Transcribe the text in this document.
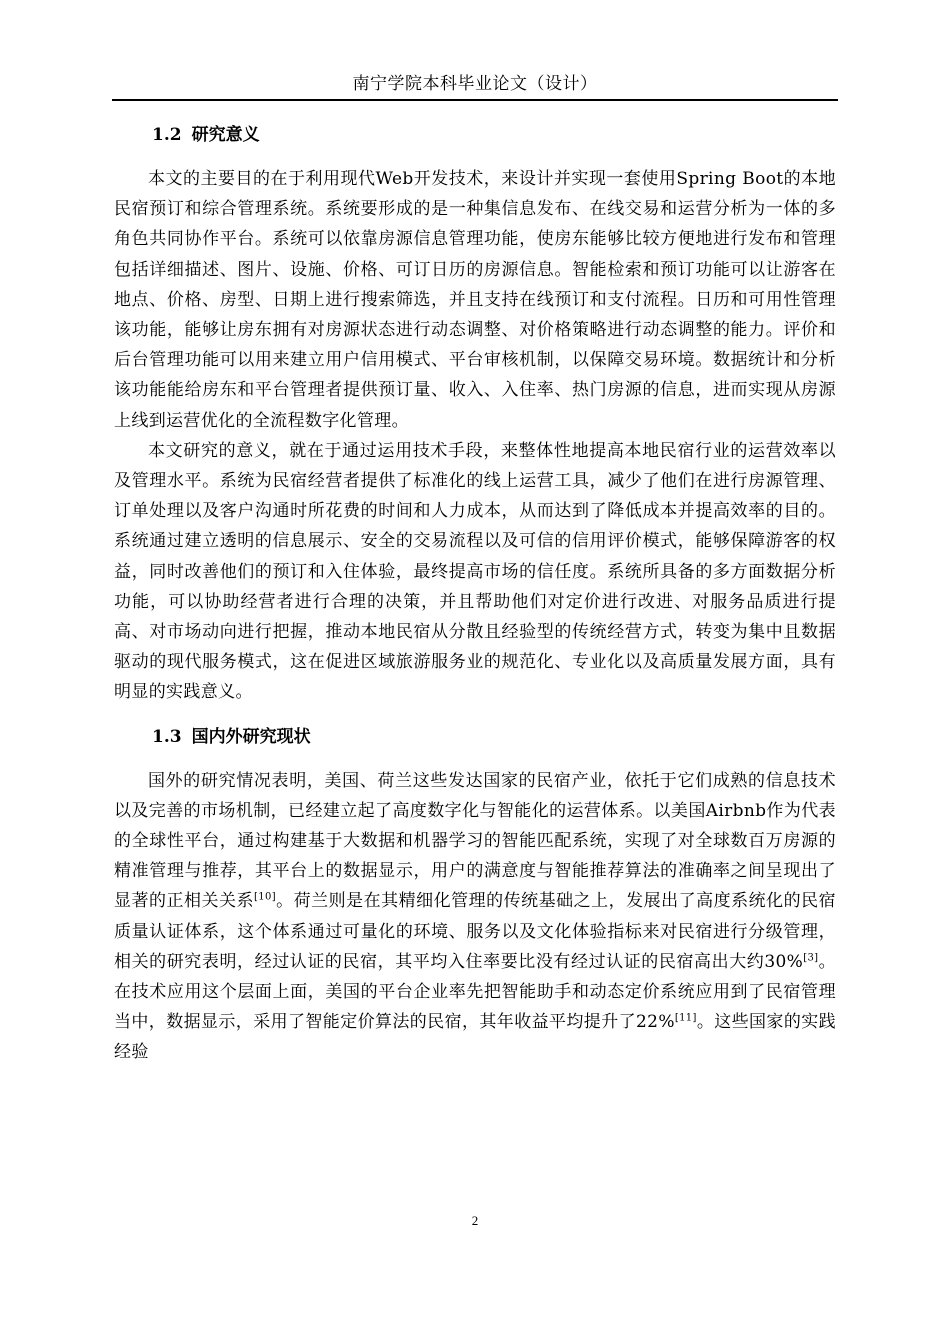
南宁学院本科毕业论文（设计）
1.2 研究意义

本文的主要目的在于利用现代Web开发技术，来设计并实现一套使用Spring Boot的本地民宿预订和综合管理系统。系统要形成的是一种集信息发布、在线交易和运营分析为一体的多角色共同协作平台。系统可以依靠房源信息管理功能，使房东能够比较方便地进行发布和管理包括详细描述、图片、设施、价格、可订日历的房源信息。智能检索和预订功能可以让游客在地点、价格、房型、日期上进行搜索筛选，并且支持在线预订和支付流程。日历和可用性管理该功能，能够让房东拥有对房源状态进行动态调整、对价格策略进行动态调整的能力。评价和后台管理功能可以用来建立用户信用模式、平台审核机制，以保障交易环境。数据统计和分析该功能能给房东和平台管理者提供预订量、收入、入住率、热门房源的信息，进而实现从房源上线到运营优化的全流程数字化管理。

本文研究的意义，就在于通过运用技术手段，来整体性地提高本地民宿行业的运营效率以及管理水平。系统为民宿经营者提供了标准化的线上运营工具，减少了他们在进行房源管理、订单处理以及客户沟通时所花费的时间和人力成本，从而达到了降低成本并提高效率的目的。系统通过建立透明的信息展示、安全的交易流程以及可信的信用评价模式，能够保障游客的权益，同时改善他们的预订和入住体验，最终提高市场的信任度。系统所具备的多方面数据分析功能，可以协助经营者进行合理的决策，并且帮助他们对定价进行改进、对服务品质进行提高、对市场动向进行把握，推动本地民宿从分散且经验型的传统经营方式，转变为集中且数据驱动的现代服务模式，这在促进区域旅游服务业的规范化、专业化以及高质量发展方面，具有明显的实践意义。

1.3 国内外研究现状

国外的研究情况表明，美国、荷兰这些发达国家的民宿产业，依托于它们成熟的信息技术以及完善的市场机制，已经建立起了高度数字化与智能化的运营体系。以美国Airbnb作为代表的全球性平台，通过构建基于大数据和机器学习的智能匹配系统，实现了对全球数百万房源的精准管理与推荐，其平台上的数据显示，用户的满意度与智能推荐算法的准确率之间呈现出了显著的正相关关系[10]。荷兰则是在其精细化管理的传统基础之上，发展出了高度系统化的民宿质量认证体系，这个体系通过可量化的环境、服务以及文化体验指标来对民宿进行分级管理，相关的研究表明，经过认证的民宿，其平均入住率要比没有经过认证的民宿高出大约30%[3]。在技术应用这个层面上面，美国的平台企业率先把智能助手和动态定价系统应用到了民宿管理当中，数据显示，采用了智能定价算法的民宿，其年收益平均提升了22%[11]。这些国家的实践经验

2
